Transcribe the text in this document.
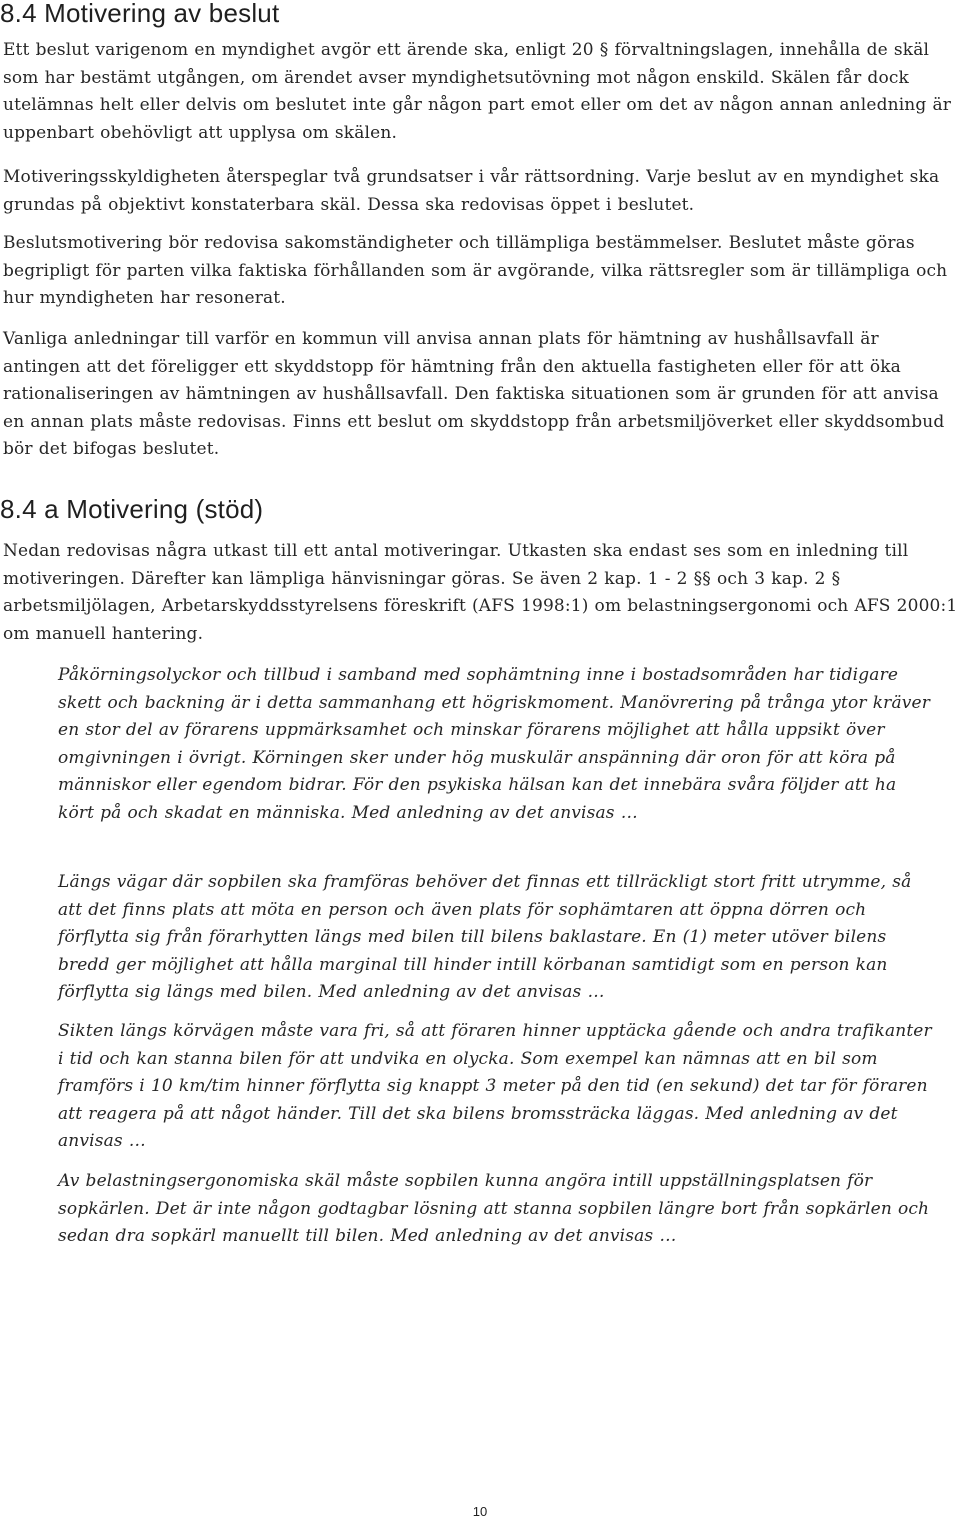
8.4 Motivering av beslut

Ett beslut varigenom en myndighet avgör ett ärende ska, enligt 20 § förvaltningslagen, innehålla de skäl som har bestämt utgången, om ärendet avser myndighetsutövning mot någon enskild. Skälen får dock utelämnas helt eller delvis om beslutet inte går någon part emot eller om det av någon annan anledning är uppenbart obehövligt att upplysa om skälen.

Motiveringsskyldigheten återspeglar två grundsatser i vår rättsordning. Varje beslut av en myndighet ska grundas på objektivt konstaterbara skäl. Dessa ska redovisas öppet i beslutet.

Beslutsmotivering bör redovisa sakomständigheter och tillämpliga bestämmelser. Beslutet måste göras begripligt för parten vilka faktiska förhållanden som är avgörande, vilka rättsregler som är tillämpliga och hur myndigheten har resonerat.

Vanliga anledningar till varför en kommun vill anvisa annan plats för hämtning av hushållsavfall är antingen att det föreligger ett skyddstopp för hämtning från den aktuella fastigheten eller för att öka rationaliseringen av hämtningen av hushållsavfall. Den faktiska situationen som är grunden för att anvisa en annan plats måste redovisas. Finns ett beslut om skyddstopp från arbetsmiljöverket eller skyddsombud bör det bifogas beslutet.

8.4 a Motivering (stöd)

Nedan redovisas några utkast till ett antal motiveringar. Utkasten ska endast ses som en inledning till motiveringen. Därefter kan lämpliga hänvisningar göras. Se även 2 kap. 1 - 2 §§ och 3 kap. 2 § arbetsmiljölagen, Arbetarskyddsstyrelsens föreskrift (AFS 1998:1) om belastningsergonomi och AFS 2000:1 om manuell hantering.

Påkörningsolyckor och tillbud i samband med sophämtning inne i bostadsområden har tidigare skett och backning är i detta sammanhang ett högriskmoment. Manövrering på trånga ytor kräver en stor del av förarens uppmärksamhet och minskar förarens möjlighet att hålla uppsikt över omgivningen i övrigt. Körningen sker under hög muskulär anspänning där oron för att köra på människor eller egendom bidrar. För den psykiska hälsan kan det innebära svåra följder att ha kört på och skadat en människa. Med anledning av det anvisas …

Längs vägar där sopbilen ska framföras behöver det finnas ett tillräckligt stort fritt utrymme, så att det finns plats att möta en person och även plats för sophämtaren att öppna dörren och förflytta sig från förarhytten längs med bilen till bilens baklastare. En (1) meter utöver bilens bredd ger möjlighet att hålla marginal till hinder intill körbanan samtidigt som en person kan förflytta sig längs med bilen. Med anledning av det anvisas …

Sikten längs körvägen måste vara fri, så att föraren hinner upptäcka gående och andra trafikanter i tid och kan stanna bilen för att undvika en olycka. Som exempel kan nämnas att en bil som framförs i 10 km/tim hinner förflytta sig knappt 3 meter på den tid (en sekund) det tar för föraren att reagera på att något händer. Till det ska bilens bromssträcka läggas. Med anledning av det anvisas …

Av belastningsergonomiska skäl måste sopbilen kunna angöra intill uppställningsplatsen för sopkärlen. Det är inte någon godtagbar lösning att stanna sopbilen längre bort från sopkärlen och sedan dra sopkärl manuellt till bilen. Med anledning av det anvisas …

10
